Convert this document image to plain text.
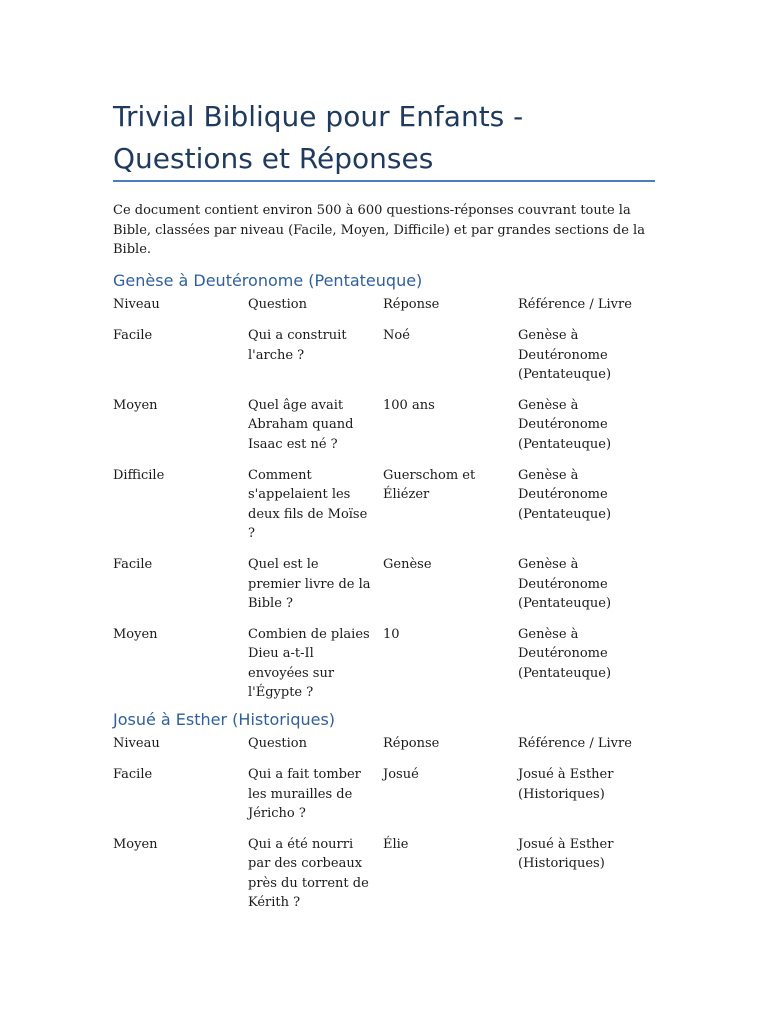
Trivial Biblique pour Enfants - Questions et Réponses

Ce document contient environ 500 à 600 questions-réponses couvrant toute la Bible, classées par niveau (Facile, Moyen, Difficile) et par grandes sections de la Bible.

Genèse à Deutéronome (Pentateuque)
Niveau	Question	Réponse	Référence / Livre
Facile	Qui a construit l'arche ?	Noé	Genèse à Deutéronome (Pentateuque)
Moyen	Quel âge avait Abraham quand Isaac est né ?	100 ans	Genèse à Deutéronome (Pentateuque)
Difficile	Comment s'appelaient les deux fils de Moïse ?	Guerschom et Éliézer	Genèse à Deutéronome (Pentateuque)
Facile	Quel est le premier livre de la Bible ?	Genèse	Genèse à Deutéronome (Pentateuque)
Moyen	Combien de plaies Dieu a-t-Il envoyées sur l'Égypte ?	10	Genèse à Deutéronome (Pentateuque)
Josué à Esther (Historiques)
Niveau	Question	Réponse	Référence / Livre
Facile	Qui a fait tomber les murailles de Jéricho ?	Josué	Josué à Esther (Historiques)
Moyen	Qui a été nourri par des corbeaux près du torrent de Kérith ?	Élie	Josué à Esther (Historiques)
